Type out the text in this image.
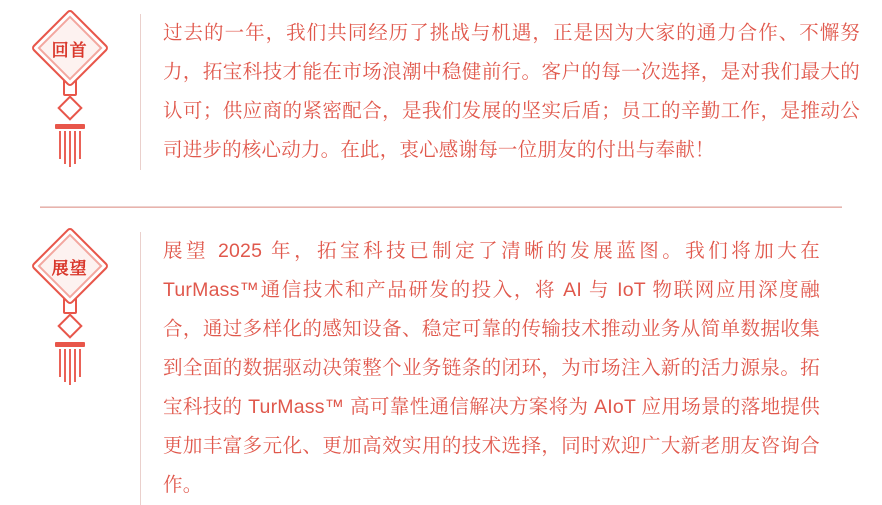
回首

过去的一年，我们共同经历了挑战与机遇，正是因为大家的通力合作、不懈努力，拓宝科技才能在市场浪潮中稳健前行。客户的每一次选择，是对我们最大的认可；供应商的紧密配合，是我们发展的坚实后盾；员工的辛勤工作，是推动公司进步的核心动力。在此，衷心感谢每一位朋友的付出与奉献！

展望

展望 2025 年，拓宝科技已制定了清晰的发展蓝图。我们将加大在TurMass™通信技术和产品研发的投入，将 AI 与 IoT 物联网应用深度融合，通过多样化的感知设备、稳定可靠的传输技术推动业务从简单数据收集到全面的数据驱动决策整个业务链条的闭环，为市场注入新的活力源泉。拓宝科技的 TurMass™ 高可靠性通信解决方案将为 AIoT 应用场景的落地提供更加丰富多元化、更加高效实用的技术选择，同时欢迎广大新老朋友咨询合作。
